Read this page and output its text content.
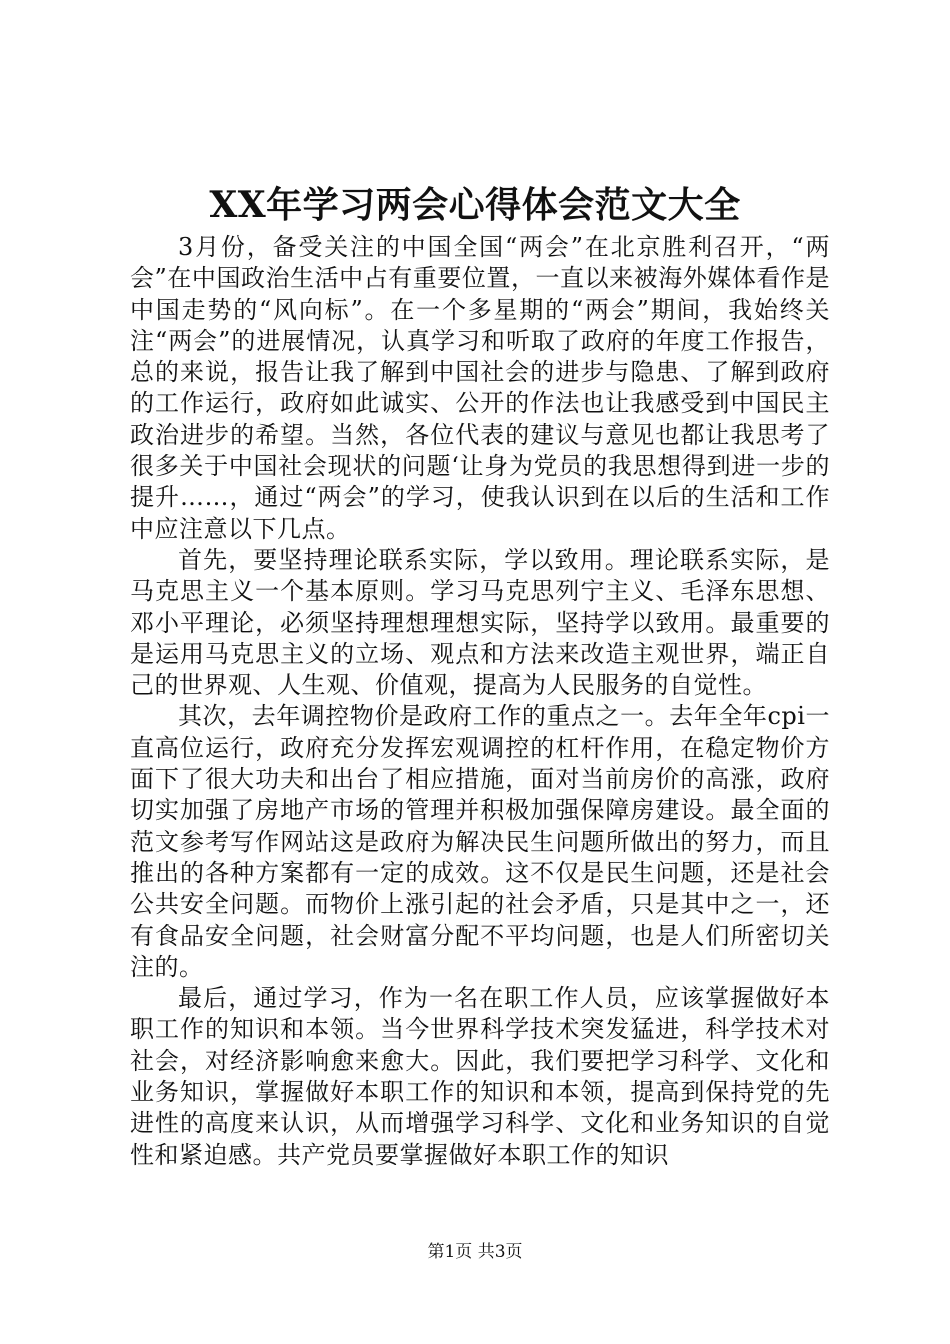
XX年学习两会心得体会范文大全

3月份，备受关注的中国全国“两会”在北京胜利召开，“两会”在中国政治生活中占有重要位置，一直以来被海外媒体看作是中国走势的“风向标”。在一个多星期的“两会”期间，我始终关注“两会”的进展情况，认真学习和听取了政府的年度工作报告，总的来说，报告让我了解到中国社会的进步与隐患、了解到政府的工作运行，政府如此诚实、公开的作法也让我感受到中国民主政治进步的希望。当然，各位代表的建议与意见也都让我思考了很多关于中国社会现状的问题‘让身为党员的我思想得到进一步的提升……，通过“两会”的学习，使我认识到在以后的生活和工作中应注意以下几点。

首先，要坚持理论联系实际，学以致用。理论联系实际，是马克思主义一个基本原则。学习马克思列宁主义、毛泽东思想、邓小平理论，必须坚持理想理想实际，坚持学以致用。最重要的是运用马克思主义的立场、观点和方法来改造主观世界，端正自己的世界观、人生观、价值观，提高为人民服务的自觉性。

其次，去年调控物价是政府工作的重点之一。去年全年cpi一直高位运行，政府充分发挥宏观调控的杠杆作用，在稳定物价方面下了很大功夫和出台了相应措施，面对当前房价的高涨，政府切实加强了房地产市场的管理并积极加强保障房建设。最全面的范文参考写作网站这是政府为解决民生问题所做出的努力，而且推出的各种方案都有一定的成效。这不仅是民生问题，还是社会公共安全问题。而物价上涨引起的社会矛盾，只是其中之一，还有食品安全问题，社会财富分配不平均问题，也是人们所密切关注的。

最后，通过学习，作为一名在职工作人员，应该掌握做好本职工作的知识和本领。当今世界科学技术突发猛进，科学技术对社会，对经济影响愈来愈大。因此，我们要把学习科学、文化和业务知识，掌握做好本职工作的知识和本领，提高到保持党的先进性的高度来认识，从而增强学习科学、文化和业务知识的自觉性和紧迫感。共产党员要掌握做好本职工作的知识

第1页 共3页
